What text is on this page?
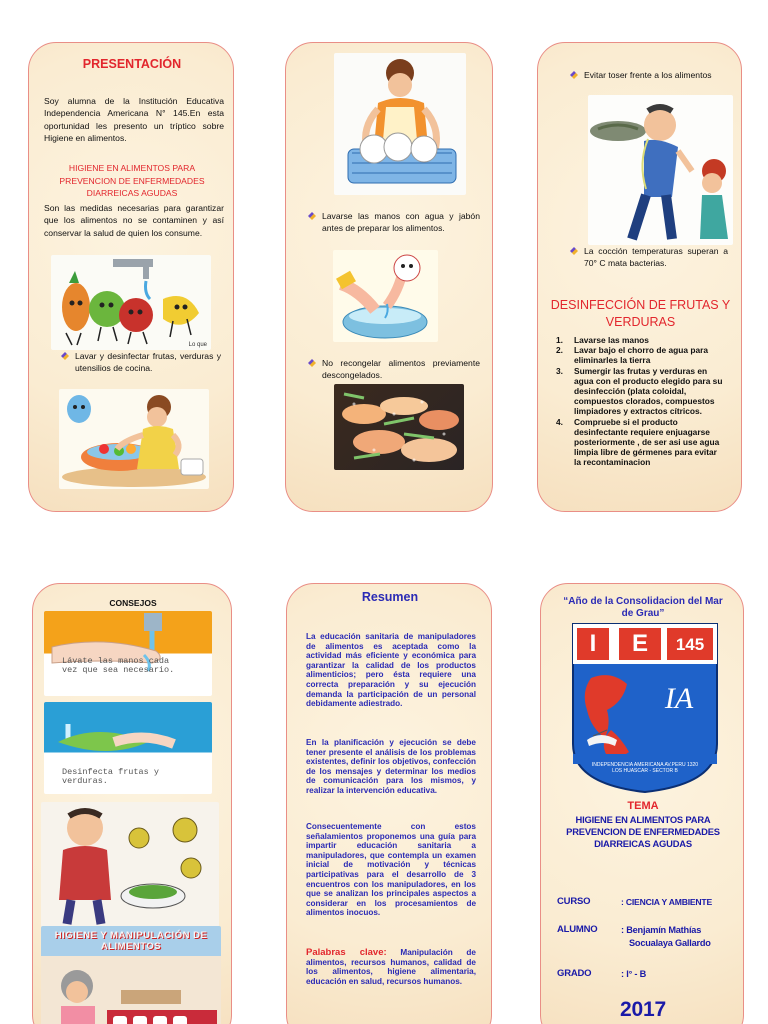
PRESENTACIÓN
Soy alumna de la Institución Educativa Independencia Americana N° 145.En esta oportunidad les presento un tríptico sobre Higiene en alimentos.
HIGIENE EN ALIMENTOS PARA PREVENCION DE ENFERMEDADES DIARREICAS AGUDAS
Son las medidas necesarias para garantizar que los alimentos no se contaminen y así conservar la salud de quien los consume.
Lo que
Lavar y desinfectar frutas, verduras y utensilios de cocina.
Lavarse las manos con agua y jabón antes de preparar los alimentos.
No recongelar alimentos previamente descongelados.
Evitar toser frente a los alimentos
La cocción temperaturas superan a 70° C mata bacterias.
DESINFECCIÓN DE FRUTAS Y VERDURAS
1.	Lavarse las manos
2.	Lavar bajo el chorro de agua para eliminarles la tierra
3.	Sumergir las frutas y verduras en agua con el producto elegido para su desinfección (plata coloidal, compuestos clorados, compuestos limpiadores y extractos cítricos.
4.	Compruebe si el producto desinfectante requiere enjuagarse posteriormente , de ser asi use agua limpia libre de gérmenes para evitar la recontaminacion
CONSEJOS
Lávate las manos cada vez que sea necesario.
Desinfecta frutas y verduras.
HIGIENE Y MANIPULACIÓN DE ALIMENTOS
Resumen
La educación sanitaria de manipuladores de alimentos es aceptada como la actividad más eficiente y económica para garantizar la calidad de los productos alimenticios; pero ésta requiere una correcta preparación y su ejecución demanda la participación de un personal debidamente adiestrado.
En la planificación y ejecución se debe tener presente el análisis de los problemas existentes, definir los objetivos, confección de los mensajes y determinar los medios de comunicación para los mismos, y realizar la intervención educativa.
Consecuentemente con estos señalamientos proponemos una guía para impartir educación sanitaria a manipuladores, que contempla un examen inicial de motivación y técnicas participativas para el desarrollo de 3 encuentros con los manipuladores, en los que se analizan los principales aspectos a considerar en los procesamientos de alimentos inocuos.
Palabras clave: Manipulación de alimentos, recursos humanos, calidad de los alimentos, higiene alimentaria, educación en salud, recursos humanos.
“Año de la Consolidacion del Mar de Grau”
I	E	145
IA
INDEPENDENCIA AMERICANA AV.PERU 1320 LOS HUASCAR - SECTOR B
TEMA
HIGIENE EN ALIMENTOS PARA PREVENCION DE ENFERMEDADES DIARREICAS AGUDAS
CURSO	: CIENCIA Y AMBIENTE
ALUMNO	: Benjamín Mathías
Socualaya Gallardo
GRADO	: I° - B
2017
